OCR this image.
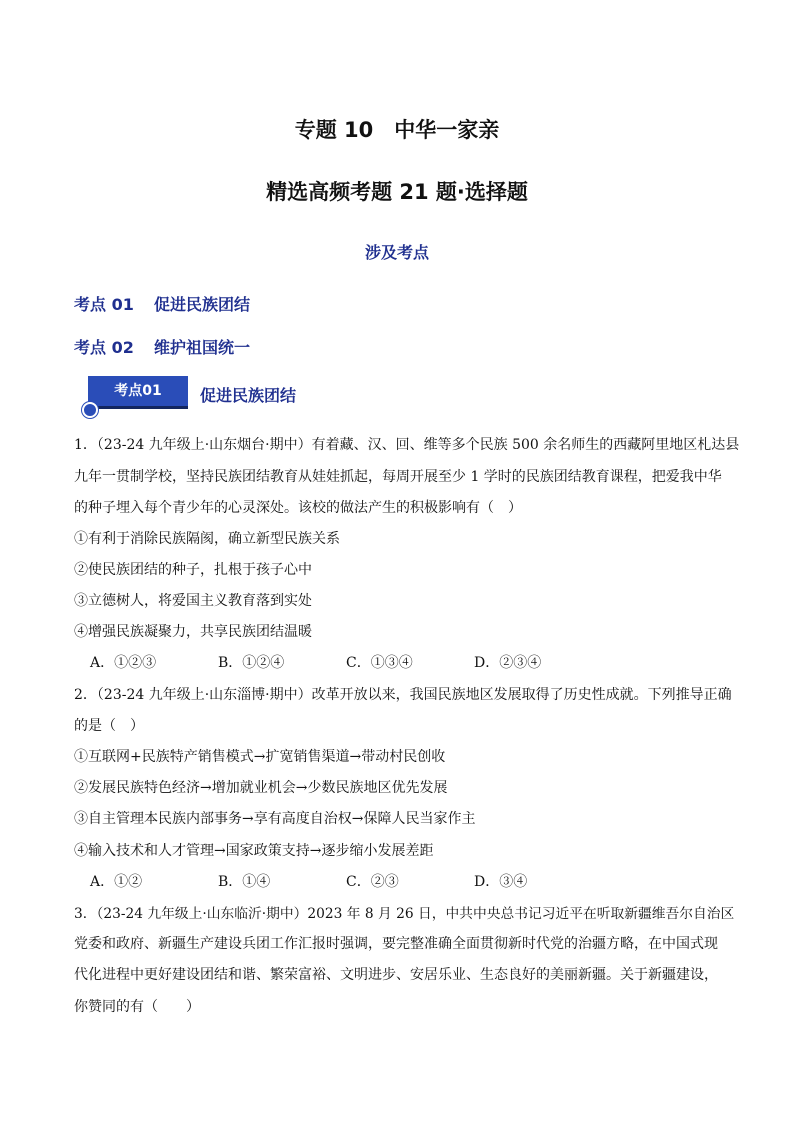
专题 10　中华一家亲
精选高频考题 21 题·选择题
涉及考点
考点 01 促进民族团结
考点 02 维护祖国统一
考点01	促进民族团结
1．（23-24 九年级上·山东烟台·期中）有着藏、汉、回、维等多个民族 500 余名师生的西藏阿里地区札达县
九年一贯制学校，坚持民族团结教育从娃娃抓起，每周开展至少 1 学时的民族团结教育课程，把爱我中华
的种子埋入每个青少年的心灵深处。该校的做法产生的积极影响有（　）
①有利于消除民族隔阂，确立新型民族关系
②使民族团结的种子，扎根于孩子心中
③立德树人，将爱国主义教育落到实处
④增强民族凝聚力，共享民族团结温暖
A．①②③	B．①②④	C．①③④	D．②③④
2．（23-24 九年级上·山东淄博·期中）改革开放以来，我国民族地区发展取得了历史性成就。下列推导正确
的是（　）
①互联网+民族特产销售模式→扩宽销售渠道→带动村民创收
②发展民族特色经济→增加就业机会→少数民族地区优先发展
③自主管理本民族内部事务→享有高度自治权→保障人民当家作主
④输入技术和人才管理→国家政策支持→逐步缩小发展差距
A．①②	B．①④	C．②③	D．③④
3．（23-24 九年级上·山东临沂·期中）2023 年 8 月 26 日，中共中央总书记习近平在听取新疆维吾尔自治区
党委和政府、新疆生产建设兵团工作汇报时强调，要完整准确全面贯彻新时代党的治疆方略，在中国式现
代化进程中更好建设团结和谐、繁荣富裕、文明进步、安居乐业、生态良好的美丽新疆。关于新疆建设，
你赞同的有（　　）
